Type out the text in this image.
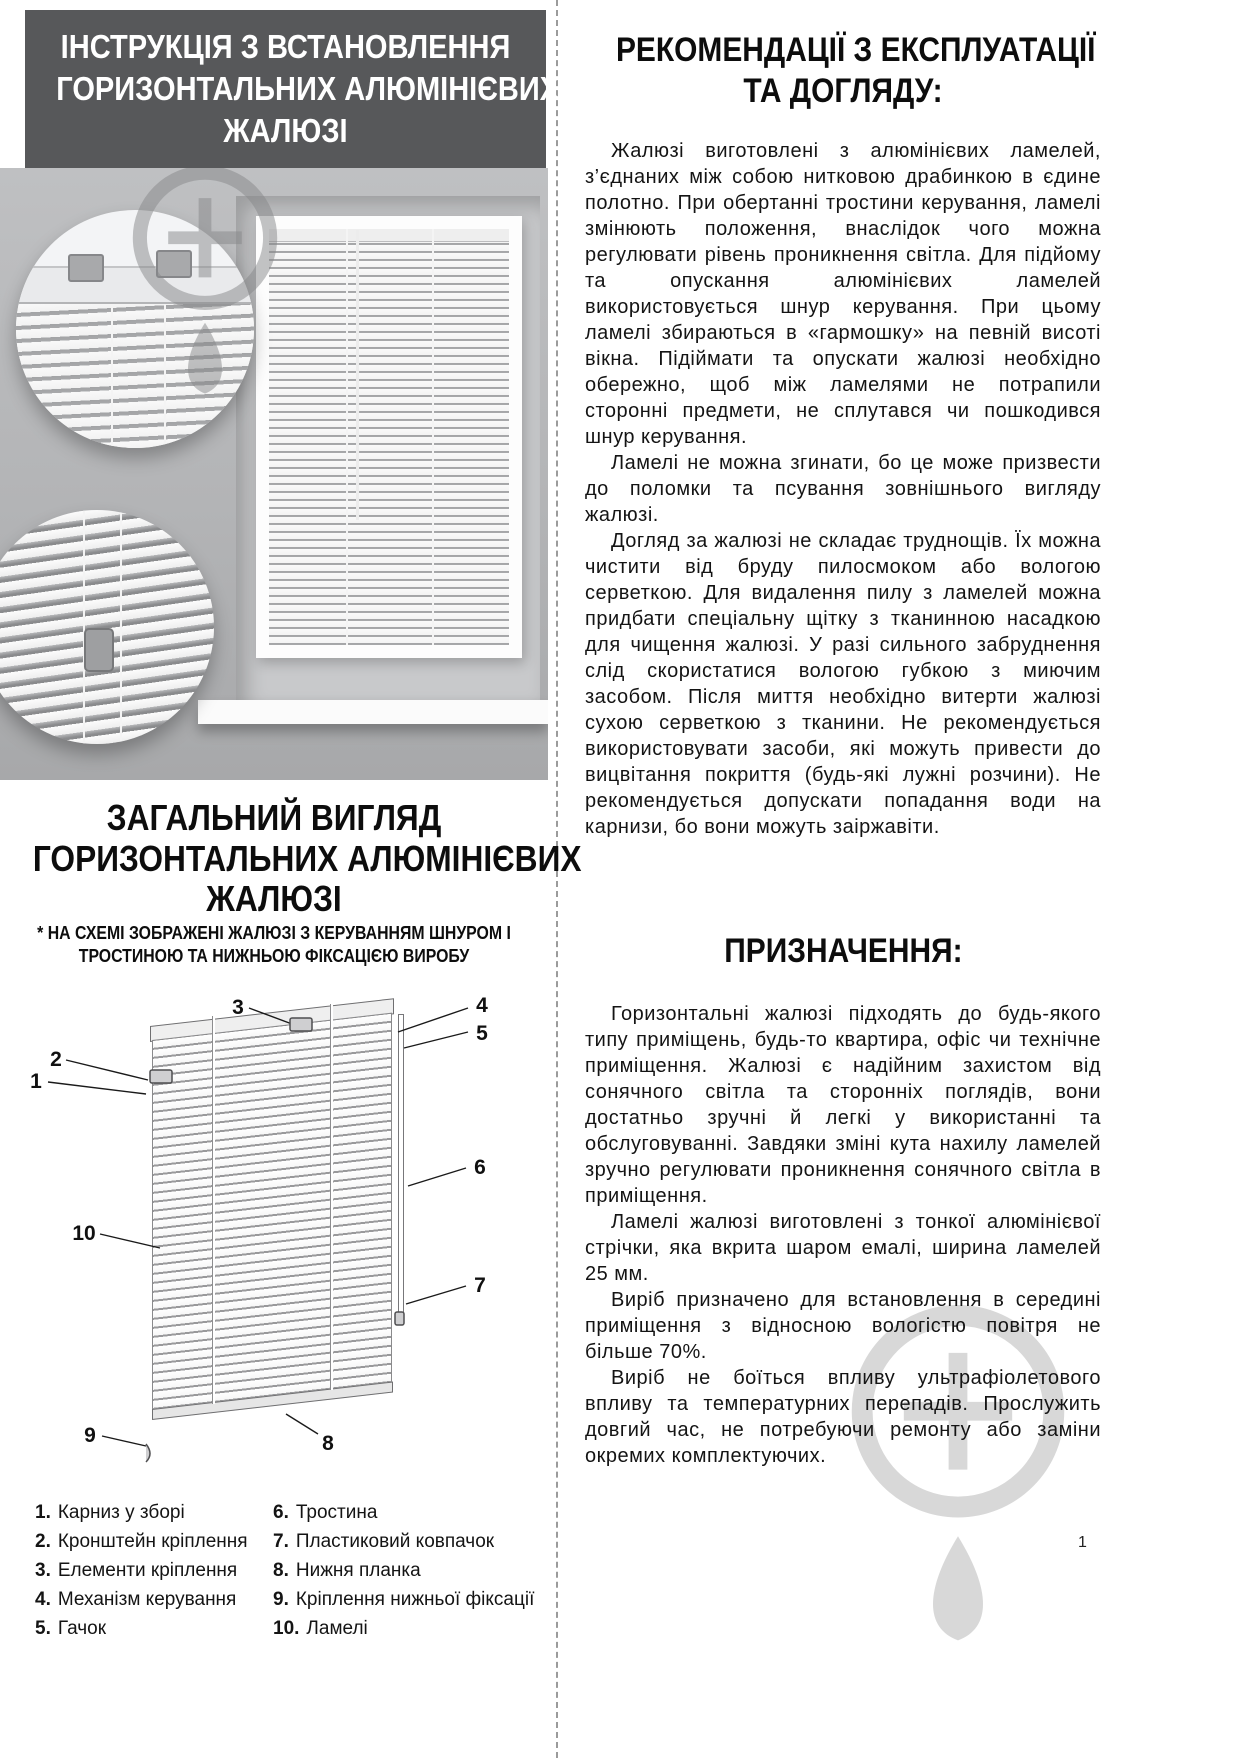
ІНСТРУКЦІЯ З ВСТАНОВЛЕННЯ
ГОРИЗОНТАЛЬНИХ АЛЮМІНІЄВИХ
ЖАЛЮЗІ
ЗАГАЛЬНИЙ ВИГЛЯД
ГОРИЗОНТАЛЬНИХ АЛЮМІНІЄВИХ
ЖАЛЮЗІ
* НА СХЕМІ ЗОБРАЖЕНІ ЖАЛЮЗІ З КЕРУВАННЯМ ШНУРОМ І
ТРОСТИНОЮ ТА НИЖНЬОЮ ФІКСАЦІЄЮ ВИРОБУ
1
2
3	4
5
6
7
8
9
10
1. Карниз у зборі
2. Кронштейн кріплення
3. Елементи кріплення
4. Механізм керування
5. Гачок
6. Тростина
7. Пластиковий ковпачок
8. Нижня планка
9. Кріплення нижньої фіксації
10. Ламелі
РЕКОМЕНДАЦІЇ З ЕКСПЛУАТАЦІЇ
ТА ДОГЛЯДУ:

Жалюзі виготовлені з алюмінієвих ламелей, з’єднаних між собою нитковою драбинкою в єдине полотно. При обертанні тростини керування, ламелі змінюють положення, внаслідок чого можна регулювати рівень проникнення світла. Для підйому та опускання алюмінієвих ламелей використовується шнур керування. При цьому ламелі збираються в «гармошку» на певній висоті вікна. Підіймати та опускати жалюзі необхідно обережно, щоб між ламелями не потрапили сторонні предмети, не сплутався чи пошкодився шнур керування.

Ламелі не можна згинати, бо це може призвести до поломки та псування зовнішнього вигляду жалюзі.

Догляд за жалюзі не складає труднощів. Їх можна чистити від бруду пилосмоком або вологою серветкою. Для видалення пилу з ламелей можна придбати спеціальну щітку з тканинною насадкою для чищення жалюзі. У разі сильного забруднення слід скористатися вологою губкою з миючим засобом. Після миття необхідно витерти жалюзі сухою серветкою з тканини. Не рекомендується використовувати засоби, які можуть привести до вицвітання покриття (будь-які лужні розчини). Не рекомендується допускати попадання води на карнизи, бо вони можуть заіржавіти.

ПРИЗНАЧЕННЯ:

Горизонтальні жалюзі підходять до будь-якого типу приміщень, будь-то квартира, офіс чи технічне приміщення. Жалюзі є надійним захистом від сонячного світла та сторонніх поглядів, вони достатньо зручні й легкі у використанні та обслуговуванні. Завдяки зміні кута нахилу ламелей зручно регулювати проникнення сонячного світла в приміщення.

Ламелі жалюзі виготовлені з тонкої алюмінієвої стрічки, яка вкрита шаром емалі, ширина ламелей 25 мм.

Виріб призначено для встановлення в середині приміщення з відносною вологістю повітря не більше 70%.

Виріб не боїться впливу ультрафіолетового впливу та температурних перепадів. Прослужить довгий час, не потребуючи ремонту або заміни окремих комплектуючих.

1
